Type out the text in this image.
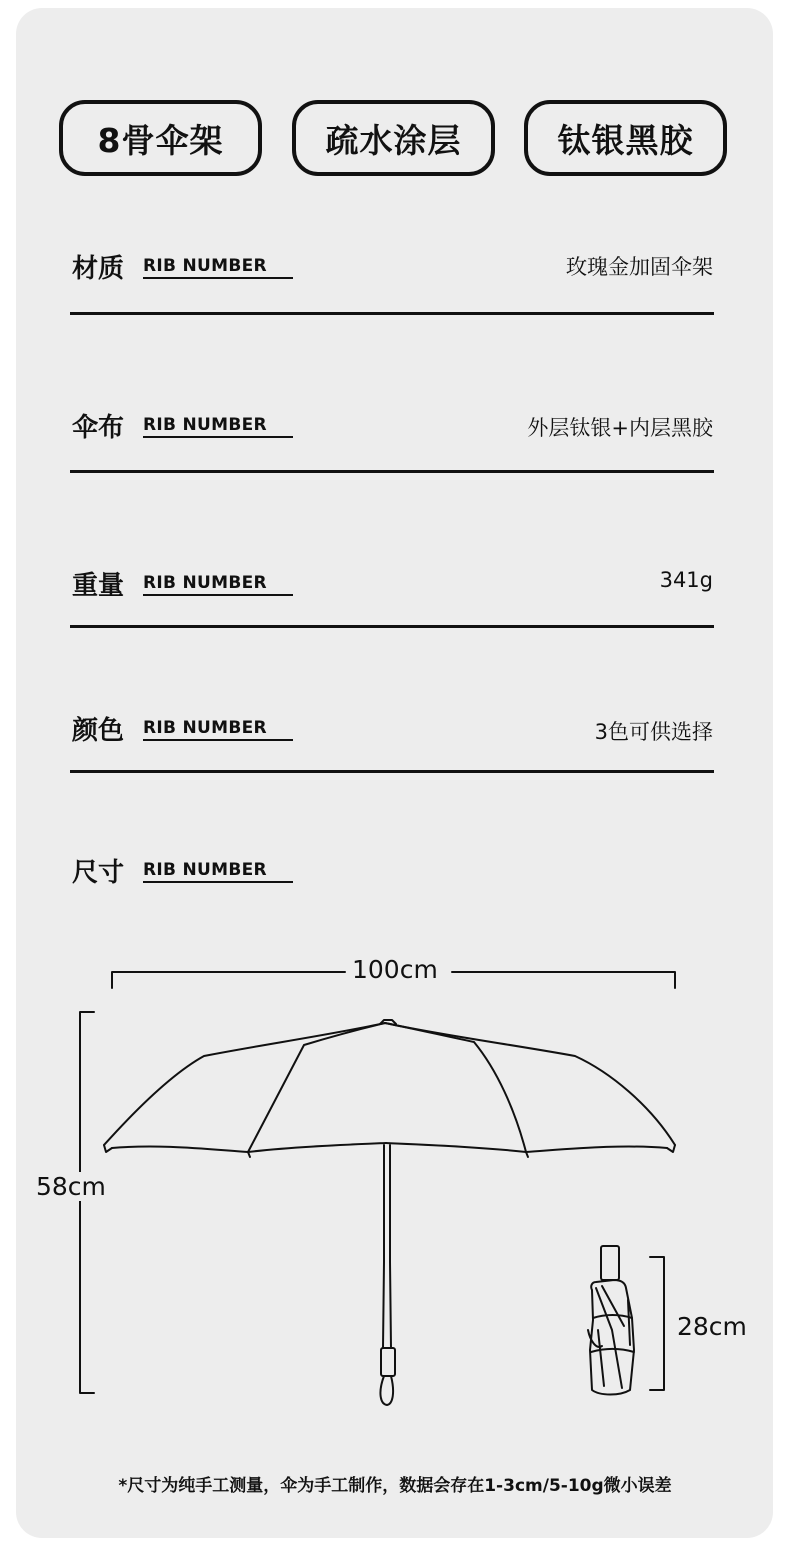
8骨伞架	疏水涂层	钛银黑胶
材质 RIB NUMBER	玫瑰金加固伞架
伞布 RIB NUMBER	外层钛银+内层黑胶
重量 RIB NUMBER	341g
颜色 RIB NUMBER	3色可供选择
尺寸 RIB NUMBER
100cm
58cm
28cm
*尺寸为纯手工测量，伞为手工制作，数据会存在1-3cm/5-10g微小误差
